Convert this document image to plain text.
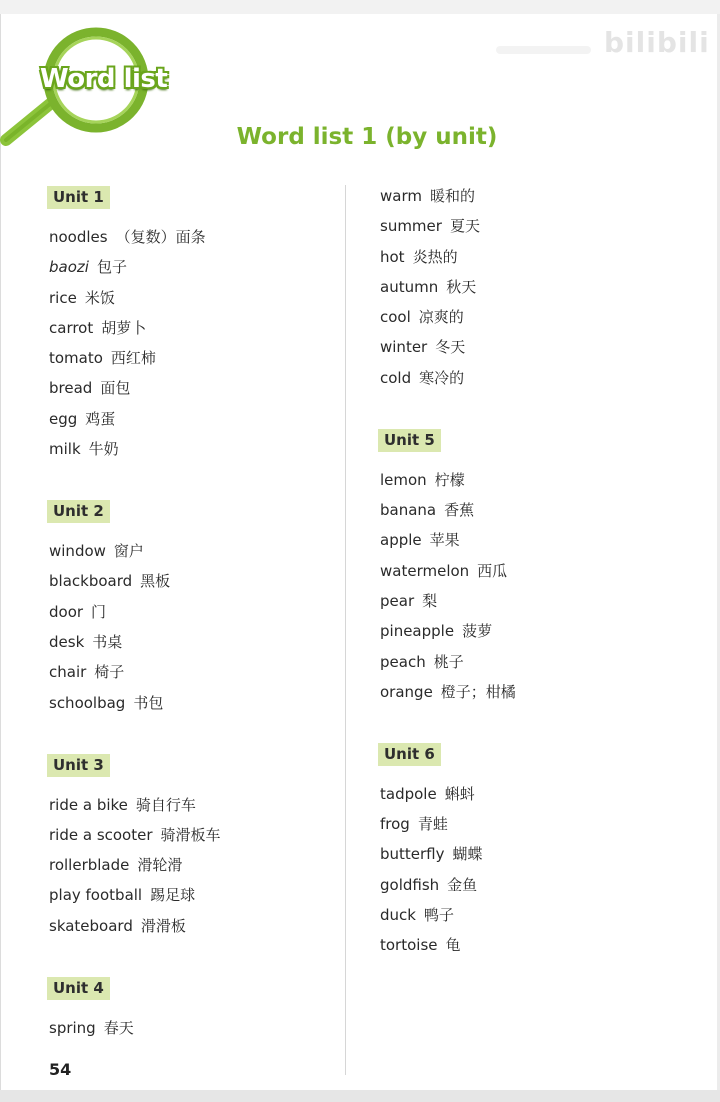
Word list
bilibili
Word list 1 (by unit)
Unit 1
noodles （复数）面条
baozi 包子
rice 米饭
carrot 胡萝卜
tomato 西红柿
bread 面包
egg 鸡蛋
milk 牛奶
Unit 2
window 窗户
blackboard 黑板
door 门
desk 书桌
chair 椅子
schoolbag 书包
Unit 3
ride a bike 骑自行车
ride a scooter 骑滑板车
rollerblade 滑轮滑
play football 踢足球
skateboard 滑滑板
Unit 4
spring 春天
warm 暖和的
summer 夏天
hot 炎热的
autumn 秋天
cool 凉爽的
winter 冬天
cold 寒冷的
Unit 5
lemon 柠檬
banana 香蕉
apple 苹果
watermelon 西瓜
pear 梨
pineapple 菠萝
peach 桃子
orange 橙子；柑橘
Unit 6
tadpole 蝌蚪
frog 青蛙
butterfly 蝴蝶
goldfish 金鱼
duck 鸭子
tortoise 龟
54
